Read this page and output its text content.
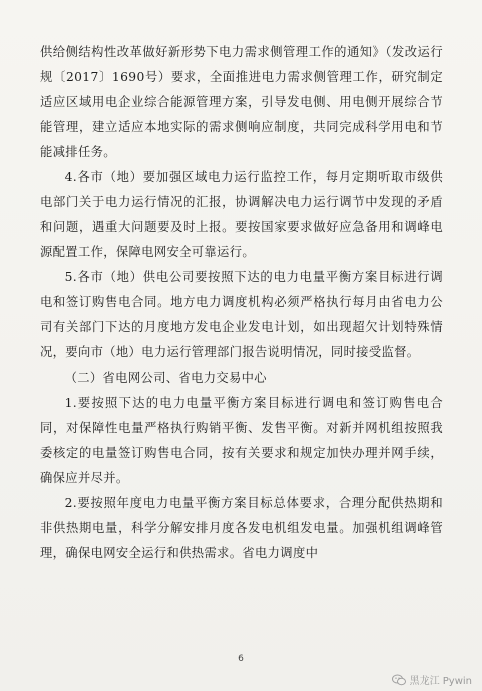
供给侧结构性改革做好新形势下电力需求侧管理工作的通知》（发改运行规〔2017〕1690号）要求，全面推进电力需求侧管理工作，研究制定适应区域用电企业综合能源管理方案，引导发电侧、用电侧开展综合节能管理，建立适应本地实际的需求侧响应制度，共同完成科学用电和节能减排任务。

4.各市（地）要加强区域电力运行监控工作，每月定期听取市级供电部门关于电力运行情况的汇报，协调解决电力运行调节中发现的矛盾和问题，遇重大问题要及时上报。要按国家要求做好应急备用和调峰电源配置工作，保障电网安全可靠运行。

5.各市（地）供电公司要按照下达的电力电量平衡方案目标进行调电和签订购售电合同。地方电力调度机构必须严格执行每月由省电力公司有关部门下达的月度地方发电企业发电计划，如出现超欠计划特殊情况，要向市（地）电力运行管理部门报告说明情况，同时接受监督。

（二）省电网公司、省电力交易中心

1.要按照下达的电力电量平衡方案目标进行调电和签订购售电合同，对保障性电量严格执行购销平衡、发售平衡。对新并网机组按照我委核定的电量签订购售电合同，按有关要求和规定加快办理并网手续，确保应并尽并。

2.要按照年度电力电量平衡方案目标总体要求，合理分配供热期和非供热期电量，科学分解安排月度各发电机组发电量。加强机组调峰管理，确保电网安全运行和供热需求。省电力调度中

6
黑龙江 Pywin
